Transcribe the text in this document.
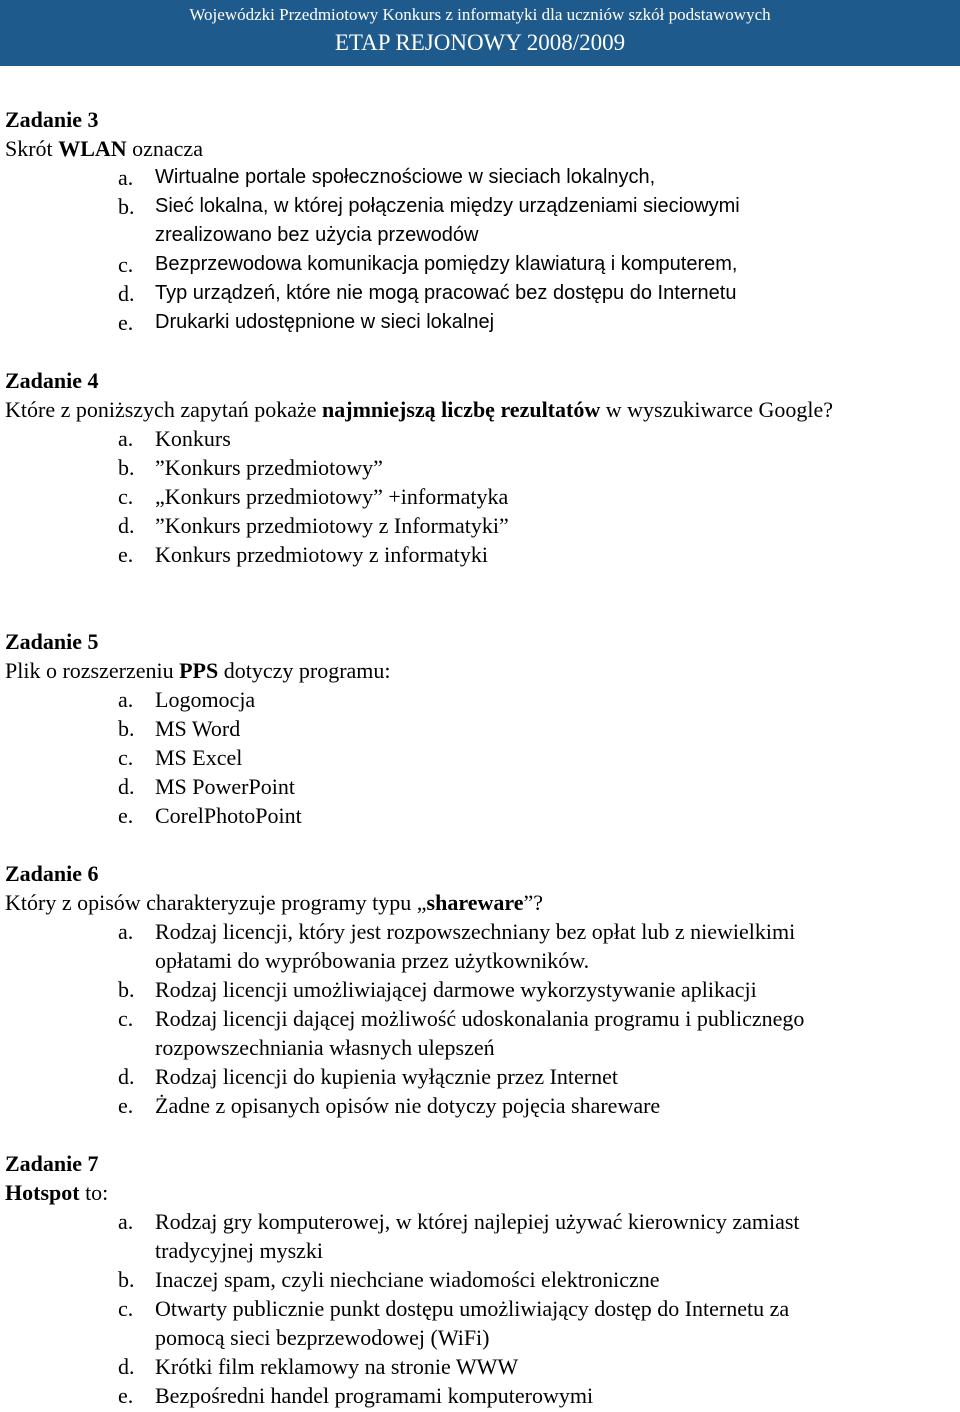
Wojewódzki Przedmiotowy Konkurs z informatyki dla uczniów szkół podstawowych
ETAP REJONOWY 2008/2009
Zadanie 3
Skrót WLAN oznacza
a. Wirtualne portale społecznościowe w sieciach lokalnych,
b. Sieć lokalna, w której połączenia między urządzeniami sieciowymi
zrealizowano bez użycia przewodów
c. Bezprzewodowa komunikacja pomiędzy klawiaturą i komputerem,
d. Typ urządzeń, które nie mogą pracować bez dostępu do Internetu
e. Drukarki udostępnione w sieci lokalnej
Zadanie 4
Które z poniższych zapytań pokaże najmniejszą liczbę rezultatów w wyszukiwarce Google?
a. Konkurs
b. ”Konkurs przedmiotowy”
c. „Konkurs przedmiotowy” +informatyka
d. ”Konkurs przedmiotowy z Informatyki”
e. Konkurs przedmiotowy z informatyki
Zadanie 5
Plik o rozszerzeniu PPS dotyczy programu:
a. Logomocja
b. MS Word
c. MS Excel
d. MS PowerPoint
e. CorelPhotoPoint
Zadanie 6
Który z opisów charakteryzuje programy typu „shareware”?
a. Rodzaj licencji, który jest rozpowszechniany bez opłat lub z niewielkimi
opłatami do wypróbowania przez użytkowników.
b. Rodzaj licencji umożliwiającej darmowe wykorzystywanie aplikacji
c. Rodzaj licencji dającej możliwość udoskonalania programu i publicznego
rozpowszechniania własnych ulepszeń
d. Rodzaj licencji do kupienia wyłącznie przez Internet
e. Żadne z opisanych opisów nie dotyczy pojęcia shareware
Zadanie 7
Hotspot to:
a. Rodzaj gry komputerowej, w której najlepiej używać kierownicy zamiast
tradycyjnej myszki
b. Inaczej spam, czyli niechciane wiadomości elektroniczne
c. Otwarty publicznie punkt dostępu umożliwiający dostęp do Internetu za
pomocą sieci bezprzewodowej (WiFi)
d. Krótki film reklamowy na stronie WWW
e. Bezpośredni handel programami komputerowymi
